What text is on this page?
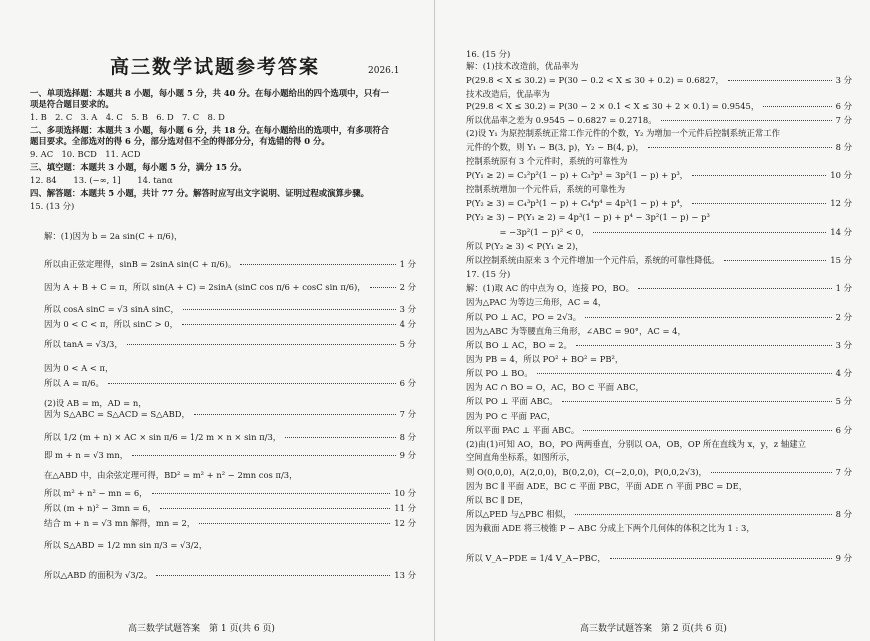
高三数学试题参考答案	2026.1
一、单项选择题：本题共 8 小题，每小题 5 分，共 40 分。在每小题给出的四个选项中，只有一
项是符合题目要求的。
1. B　2. C　3. A　4. C　5. B　6. D　7. C　8. D
二、多项选择题：本题共 3 小题，每小题 6 分，共 18 分。在每小题给出的选项中，有多项符合
题目要求。全部选对的得 6 分，部分选对但不全的得部分分，有选错的得 0 分。
9. AC　10. BCD　11. ACD
三、填空题：本题共 3 小题，每小题 5 分，满分 15 分。
12. 84　　13. (−∞, 1]　　14. tanα
四、解答题：本题共 5 小题，共计 77 分。解答时应写出文字说明、证明过程或演算步骤。
15. (13 分)
解：(1)因为 b = 2a sin(C + π/6)，
所以由正弦定理得，sinB = 2sinA sin(C + π/6)。	1 分
因为 A + B + C = π，所以 sin(A + C) = 2sinA (sinC cos π/6 + cosC sin π/6)，	2 分
所以 cosA sinC = √3 sinA sinC，	3 分
因为 0 < C < π，所以 sinC > 0，	4 分
所以 tanA = √3/3，	5 分
因为 0 < A < π，
所以 A = π/6。	6 分
(2)设 AB = m，AD = n，
因为 S△ABC = S△ACD = S△ABD，	7 分
所以 1/2 (m + n) × AC × sin π/6 = 1/2 m × n × sin π/3，	8 分
即 m + n = √3 mn，	9 分
在△ABD 中，由余弦定理可得，BD² = m² + n² − 2mn cos π/3，
所以 m² + n² − mn = 6，	10 分
所以 (m + n)² − 3mn = 6，	11 分
结合 m + n = √3 mn 解得，mn = 2，	12 分
所以 S△ABD = 1/2 mn sin π/3 = √3/2，
所以△ABD 的面积为 √3/2。	13 分
高三数学试题答案　第 1 页(共 6 页)
16. (15 分)
解：(1)技术改造前，优品率为
P(29.8 < X ≤ 30.2) = P(30 − 0.2 < X ≤ 30 + 0.2) = 0.6827，	3 分
技术改造后，优品率为
P(29.8 < X ≤ 30.2) = P(30 − 2 × 0.1 < X ≤ 30 + 2 × 0.1) = 0.9545，	6 分
所以优品率之差为 0.9545 − 0.6827 = 0.2718。	7 分
(2)设 Y₁ 为原控制系统正常工作元件的个数，Y₂ 为增加一个元件后控制系统正常工作
元件的个数，则 Y₁ ~ B(3, p)，Y₂ ~ B(4, p)，	8 分
控制系统原有 3 个元件时，系统的可靠性为
P(Y₁ ≥ 2) = C₃²p²(1 − p) + C₃³p³ = 3p²(1 − p) + p³，	10 分
控制系统增加一个元件后，系统的可靠性为
P(Y₂ ≥ 3) = C₄³p³(1 − p) + C₄⁴p⁴ = 4p³(1 − p) + p⁴，	12 分
P(Y₂ ≥ 3) − P(Y₁ ≥ 2) = 4p³(1 − p) + p⁴ − 3p²(1 − p) − p³
　　　　= −3p²(1 − p)² < 0，	14 分
所以 P(Y₂ ≥ 3) < P(Y₁ ≥ 2)，
所以控制系统由原来 3 个元件增加一个元件后，系统的可靠性降低。	15 分
17. (15 分)
解：(1)取 AC 的中点为 O，连接 PO，BO。	1 分
因为△PAC 为等边三角形，AC = 4，
所以 PO ⊥ AC，PO = 2√3。	2 分
因为△ABC 为等腰直角三角形，∠ABC = 90°，AC = 4，
所以 BO ⊥ AC，BO = 2。	3 分
因为 PB = 4，所以 PO² + BO² = PB²，
所以 PO ⊥ BO。	4 分
因为 AC ∩ BO = O，AC，BO ⊂ 平面 ABC，
所以 PO ⊥ 平面 ABC。	5 分
因为 PO ⊂ 平面 PAC，
所以平面 PAC ⊥ 平面 ABC。	6 分
(2)由(1)可知 AO，BO，PO 两两垂直，分别以 OA，OB，OP 所在直线为 x，y，z 轴建立
空间直角坐标系，如图所示，
则 O(0,0,0)，A(2,0,0)，B(0,2,0)，C(−2,0,0)，P(0,0,2√3)，	7 分
因为 BC ∥ 平面 ADE，BC ⊂ 平面 PBC，平面 ADE ∩ 平面 PBC = DE，
所以 BC ∥ DE，
所以△PED 与△PBC 相似，	8 分
因为截面 ADE 将三棱锥 P − ABC 分成上下两个几何体的体积之比为 1 : 3，
所以 V_A−PDE = 1/4 V_A−PBC，	9 分
高三数学试题答案　第 2 页(共 6 页)
